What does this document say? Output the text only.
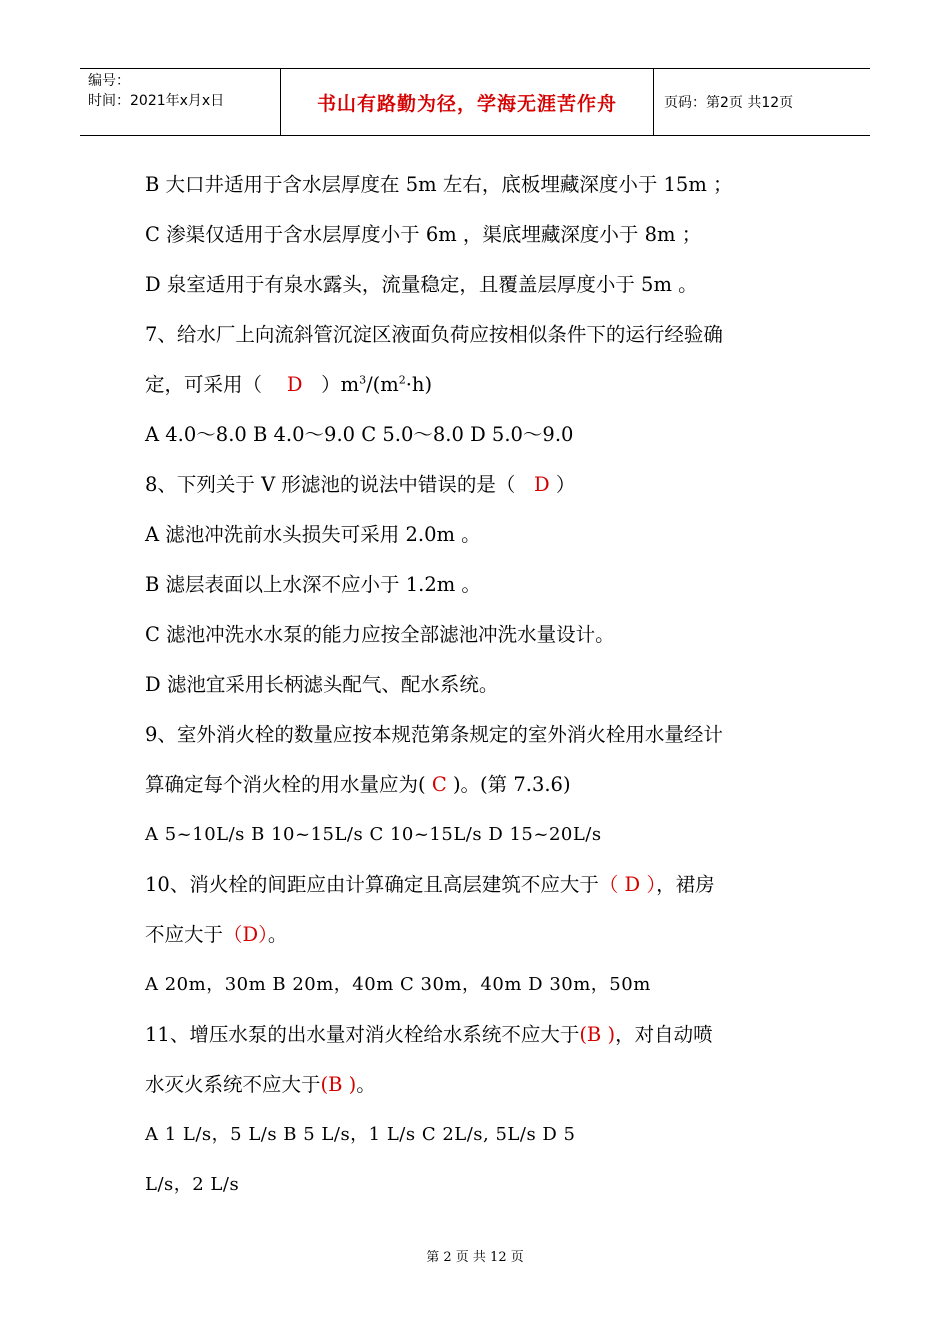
编号：
时间：2021年x月x日	书山有路勤为径，学海无涯苦作舟	页码：第2页 共12页
B 大口井适用于含水层厚度在 5m 左右，底板埋藏深度小于 15m ；
C 渗渠仅适用于含水层厚度小于 6m ，渠底埋藏深度小于 8m ；
D 泉室适用于有泉水露头，流量稳定，且覆盖层厚度小于 5m 。
7、给水厂上向流斜管沉淀区液面负荷应按相似条件下的运行经验确
定，可采用（ D ）$m^3/(m^2\cdot h)$
A 4.0～8.0 B 4.0～9.0 C 5.0～8.0 D 5.0～9.0
8、下列关于 V 形滤池的说法中错误的是（ D ）
A 滤池冲洗前水头损失可采用 2.0m 。
B 滤层表面以上水深不应小于 1.2m 。
C 滤池冲洗水水泵的能力应按全部滤池冲洗水量设计。
D 滤池宜采用长柄滤头配气、配水系统。
9、室外消火栓的数量应按本规范第条规定的室外消火栓用水量经计
算确定每个消火栓的用水量应为( C )。(第 7.3.6)
A 5~10L/s B 10~15L/s C 10~15L/s D 15~20L/s
10、消火栓的间距应由计算确定且高层建筑不应大于（ D ），裙房
不应大于（D）。
A 20m，30m B 20m，40m C 30m，40m D 30m，50m
11、增压水泵的出水量对消火栓给水系统不应大于(B )，对自动喷
水灭火系统不应大于(B )。
A 1 L/s，5 L/s B 5 L/s，1 L/s C 2L/s, 5L/s D 5
L/s，2 L/s
第 2 页 共 12 页
